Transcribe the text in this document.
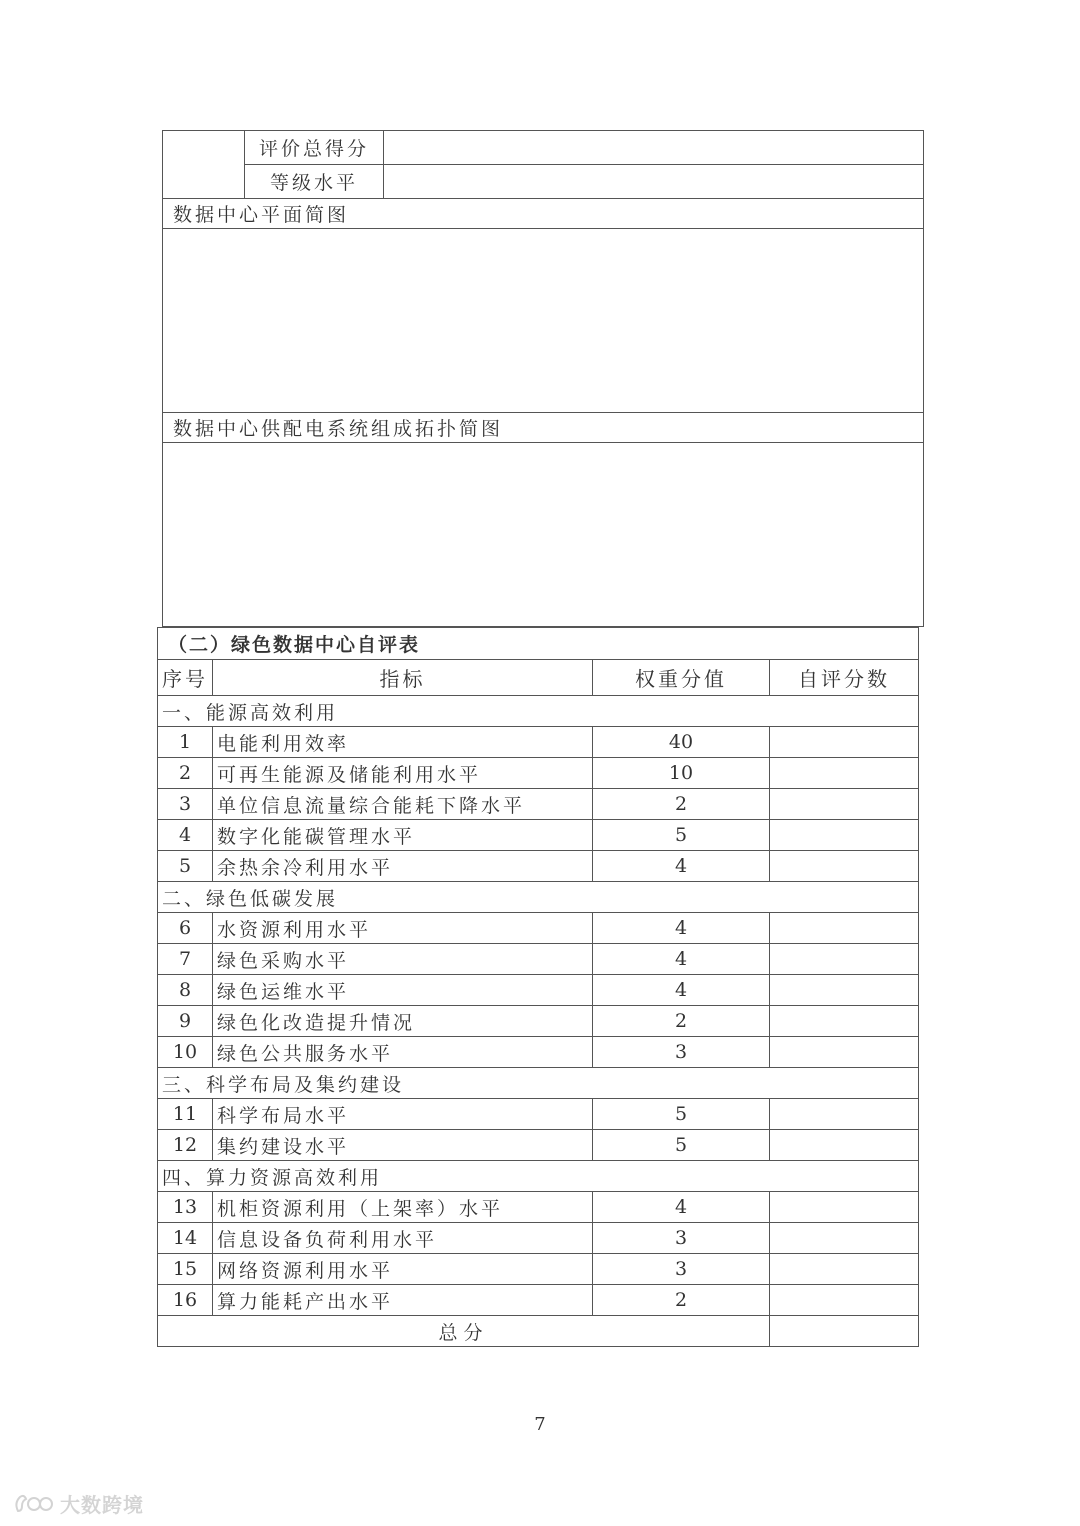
	评价总得分	
	等级水平	
数据中心平面简图		

数据中心供配电系统组成拓扑简图		

（二）绿色数据中心自评表			
序号	指标	权重分值	自评分数
一、能源高效利用			
1	电能利用效率	40	
2	可再生能源及储能利用水平	10	
3	单位信息流量综合能耗下降水平	2	
4	数字化能碳管理水平	5	
5	余热余冷利用水平	4	
二、绿色低碳发展			
6	水资源利用水平	4	
7	绿色采购水平	4	
8	绿色运维水平	4	
9	绿色化改造提升情况	2	
10	绿色公共服务水平	3	
三、科学布局及集约建设			
11	科学布局水平	5	
12	集约建设水平	5	
四、算力资源高效利用			
13	机柜资源利用（上架率）水平	4	
14	信息设备负荷利用水平	3	
15	网络资源利用水平	3	
16	算力能耗产出水平	2	
总分			
7
大数跨境
